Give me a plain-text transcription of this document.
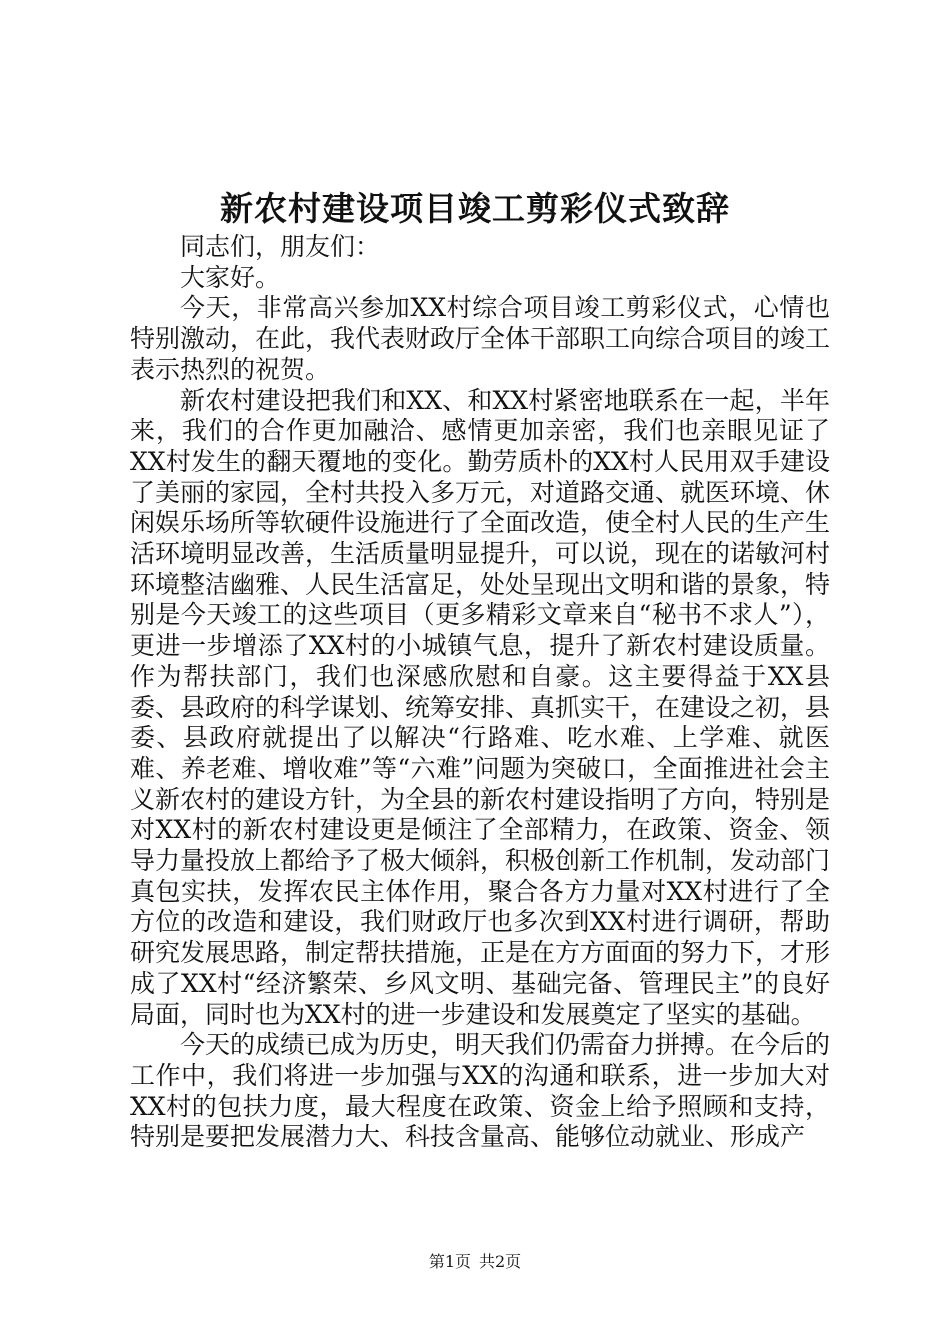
新农村建设项目竣工剪彩仪式致辞

同志们，朋友们：

大家好。

今天，非常高兴参加XX村综合项目竣工剪彩仪式，心情也特别激动，在此，我代表财政厅全体干部职工向综合项目的竣工表示热烈的祝贺。

新农村建设把我们和XX、和XX村紧密地联系在一起，半年来，我们的合作更加融洽、感情更加亲密，我们也亲眼见证了XX村发生的翻天覆地的变化。勤劳质朴的XX村人民用双手建设了美丽的家园，全村共投入多万元，对道路交通、就医环境、休闲娱乐场所等软硬件设施进行了全面改造，使全村人民的生产生活环境明显改善，生活质量明显提升，可以说，现在的诺敏河村环境整洁幽雅、人民生活富足，处处呈现出文明和谐的景象，特别是今天竣工的这些项目（更多精彩文章来自“秘书不求人”），更进一步增添了XX村的小城镇气息，提升了新农村建设质量。作为帮扶部门，我们也深感欣慰和自豪。这主要得益于XX县委、县政府的科学谋划、统筹安排、真抓实干，在建设之初，县委、县政府就提出了以解决“行路难、吃水难、上学难、就医难、养老难、增收难”等“六难”问题为突破口，全面推进社会主义新农村的建设方针，为全县的新农村建设指明了方向，特别是对XX村的新农村建设更是倾注了全部精力，在政策、资金、领导力量投放上都给予了极大倾斜，积极创新工作机制，发动部门真包实扶，发挥农民主体作用，聚合各方力量对XX村进行了全方位的改造和建设，我们财政厅也多次到XX村进行调研，帮助研究发展思路，制定帮扶措施，正是在方方面面的努力下，才形成了XX村“经济繁荣、乡风文明、基础完备、管理民主”的良好局面，同时也为XX村的进一步建设和发展奠定了坚实的基础。

今天的成绩已成为历史，明天我们仍需奋力拼搏。在今后的工作中，我们将进一步加强与XX的沟通和联系，进一步加大对XX村的包扶力度，最大程度在政策、资金上给予照顾和支持，特别是要把发展潜力大、科技含量高、能够位动就业、形成产

第1页 共2页
